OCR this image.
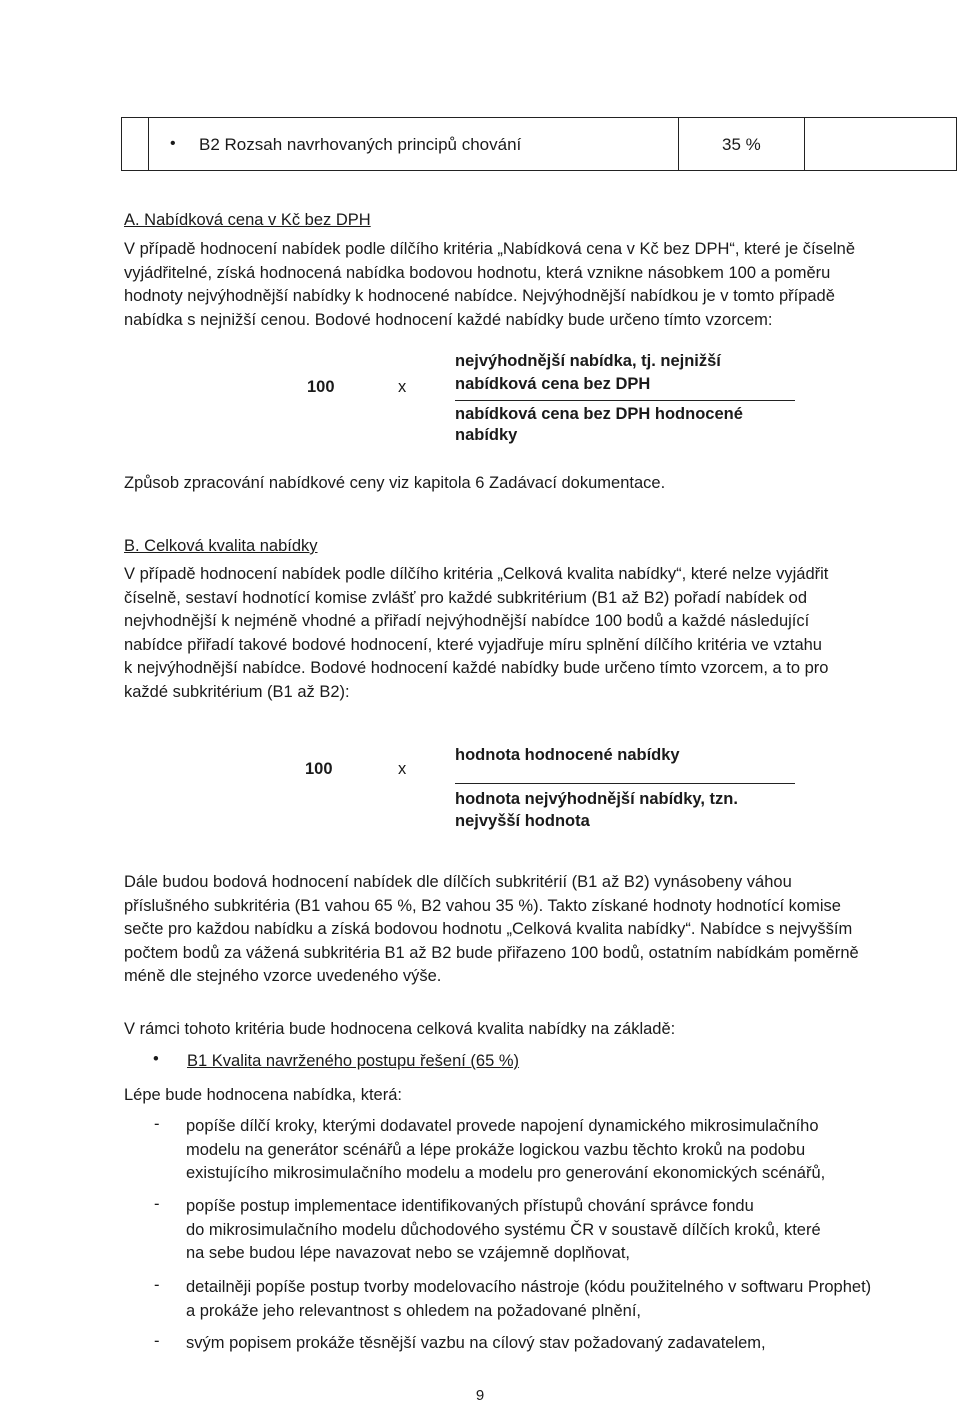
• B2 Rozsah navrhovaných principů chování	35 %
A. Nabídková cena v Kč bez DPH
V případě hodnocení nabídek podle dílčího kritéria „Nabídková cena v Kč bez DPH“, které je číselně
vyjádřitelné, získá hodnocená nabídka bodovou hodnotu, která vznikne násobkem 100 a poměru
hodnoty nejvýhodnější nabídky k hodnocené nabídce. Nejvýhodnější nabídkou je v tomto případě
nabídka s nejnižší cenou. Bodové hodnocení každé nabídky bude určeno tímto vzorcem:
100	x
nejvýhodnější nabídka, tj. nejnižší
nabídková cena bez DPH
nabídková cena bez DPH hodnocené
nabídky
Způsob zpracování nabídkové ceny viz kapitola 6 Zadávací dokumentace.
B. Celková kvalita nabídky
V případě hodnocení nabídek podle dílčího kritéria „Celková kvalita nabídky“, které nelze vyjádřit
číselně, sestaví hodnotící komise zvlášť pro každé subkritérium (B1 až B2) pořadí nabídek od
nejvhodnější k nejméně vhodné a přiřadí nejvýhodnější nabídce 100 bodů a každé následující
nabídce přiřadí takové bodové hodnocení, které vyjadřuje míru splnění dílčího kritéria ve vztahu
k nejvýhodnější nabídce. Bodové hodnocení každé nabídky bude určeno tímto vzorcem, a to pro
každé subkritérium (B1 až B2):
100	x
hodnota hodnocené nabídky
hodnota nejvýhodnější nabídky, tzn.
nejvyšší hodnota
Dále budou bodová hodnocení nabídek dle dílčích subkritérií (B1 až B2) vynásobeny váhou
příslušného subkritéria (B1 vahou 65 %, B2 vahou 35 %). Takto získané hodnoty hodnotící komise
sečte pro každou nabídku a získá bodovou hodnotu „Celková kvalita nabídky“. Nabídce s nejvyšším
počtem bodů za vážená subkritéria B1 až B2 bude přiřazeno 100 bodů, ostatním nabídkám poměrně
méně dle stejného vzorce uvedeného výše.
V rámci tohoto kritéria bude hodnocena celková kvalita nabídky na základě:
• B1 Kvalita navrženého postupu řešení (65 %)
Lépe bude hodnocena nabídka, která:
- popíše dílčí kroky, kterými dodavatel provede napojení dynamického mikrosimulačního
modelu na generátor scénářů a lépe prokáže logickou vazbu těchto kroků na podobu
existujícího mikrosimulačního modelu a modelu pro generování ekonomických scénářů,
- popíše postup implementace identifikovaných přístupů chování správce fondu
do mikrosimulačního modelu důchodového systému ČR v soustavě dílčích kroků, které
na sebe budou lépe navazovat nebo se vzájemně doplňovat,
- detailněji popíše postup tvorby modelovacího nástroje (kódu použitelného v softwaru Prophet)
a prokáže jeho relevantnost s ohledem na požadované plnění,
- svým popisem prokáže těsnější vazbu na cílový stav požadovaný zadavatelem,
9
